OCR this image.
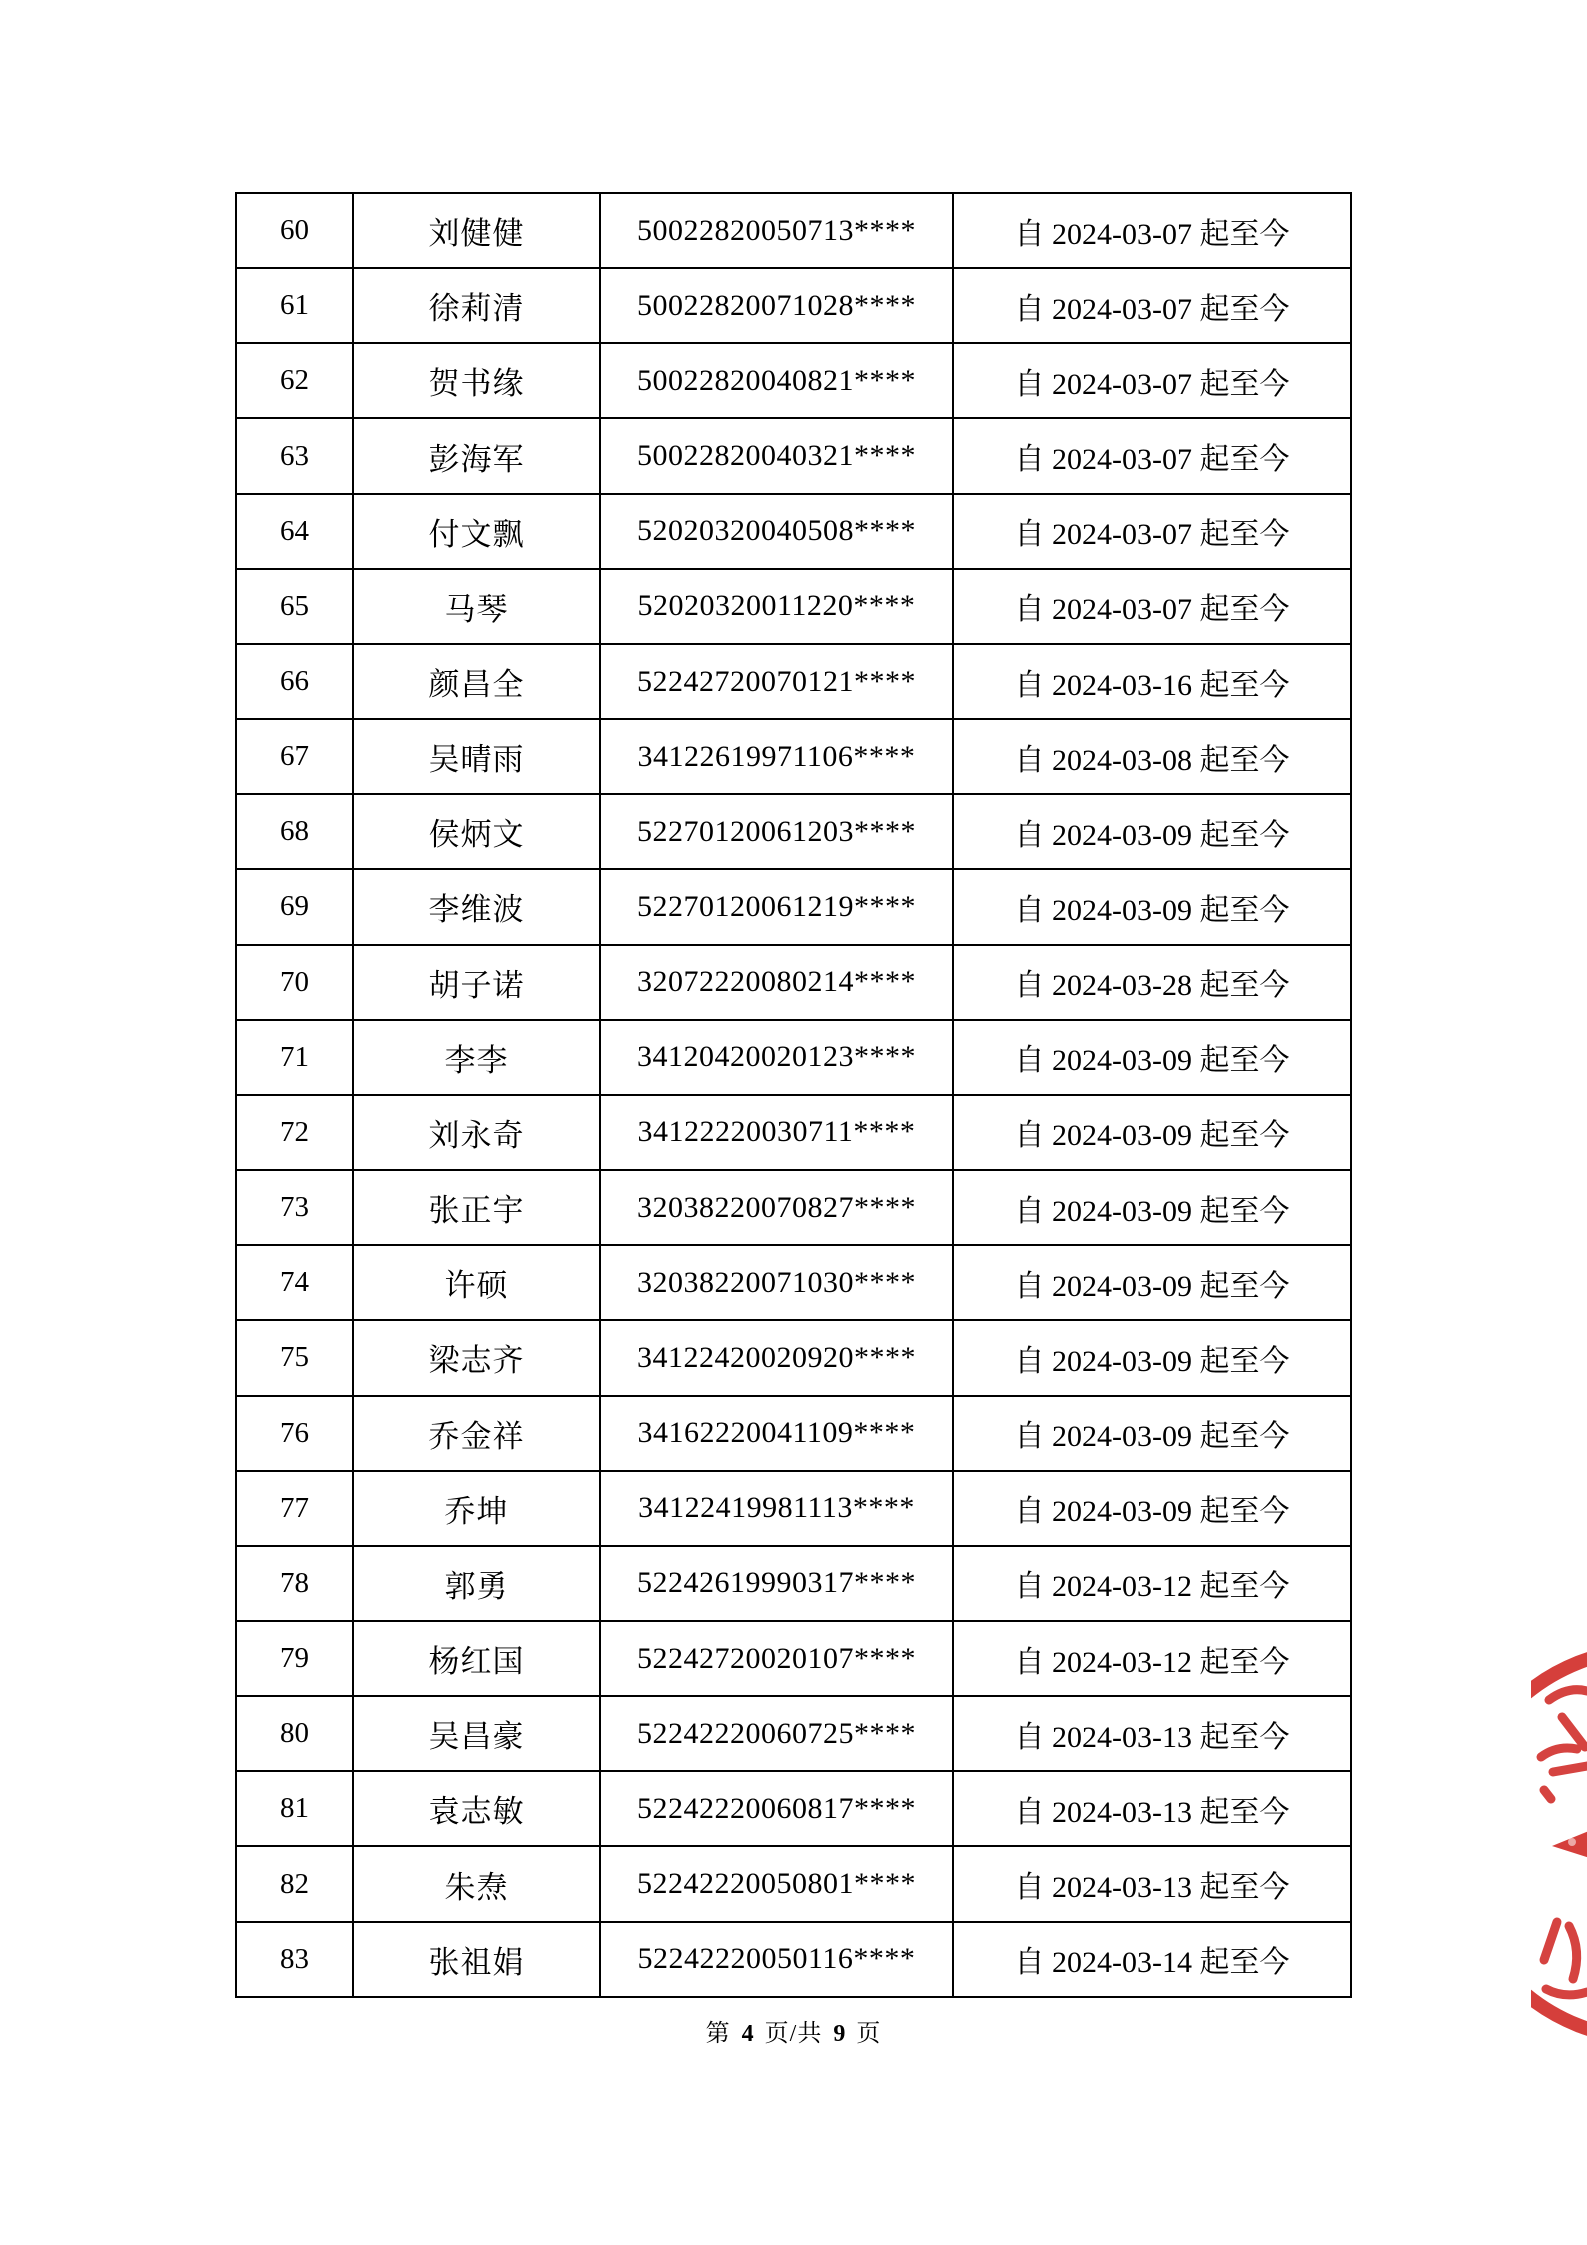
60	刘健健	50022820050713****	自 2024-03-07 起至今
61	徐莉清	50022820071028****	自 2024-03-07 起至今
62	贺书缘	50022820040821****	自 2024-03-07 起至今
63	彭海军	50022820040321****	自 2024-03-07 起至今
64	付文飘	52020320040508****	自 2024-03-07 起至今
65	马琴	52020320011220****	自 2024-03-07 起至今
66	颜昌全	52242720070121****	自 2024-03-16 起至今
67	吴晴雨	34122619971106****	自 2024-03-08 起至今
68	侯炳文	52270120061203****	自 2024-03-09 起至今
69	李维波	52270120061219****	自 2024-03-09 起至今
70	胡子诺	32072220080214****	自 2024-03-28 起至今
71	李李	34120420020123****	自 2024-03-09 起至今
72	刘永奇	34122220030711****	自 2024-03-09 起至今
73	张正宇	32038220070827****	自 2024-03-09 起至今
74	许硕	32038220071030****	自 2024-03-09 起至今
75	梁志齐	34122420020920****	自 2024-03-09 起至今
76	乔金祥	34162220041109****	自 2024-03-09 起至今
77	乔坤	34122419981113****	自 2024-03-09 起至今
78	郭勇	52242619990317****	自 2024-03-12 起至今
79	杨红国	52242720020107****	自 2024-03-12 起至今
80	吴昌豪	52242220060725****	自 2024-03-13 起至今
81	袁志敏	52242220060817****	自 2024-03-13 起至今
82	朱焘	52242220050801****	自 2024-03-13 起至今
83	张祖娟	52242220050116****	自 2024-03-14 起至今
第 4 页/共 9 页
